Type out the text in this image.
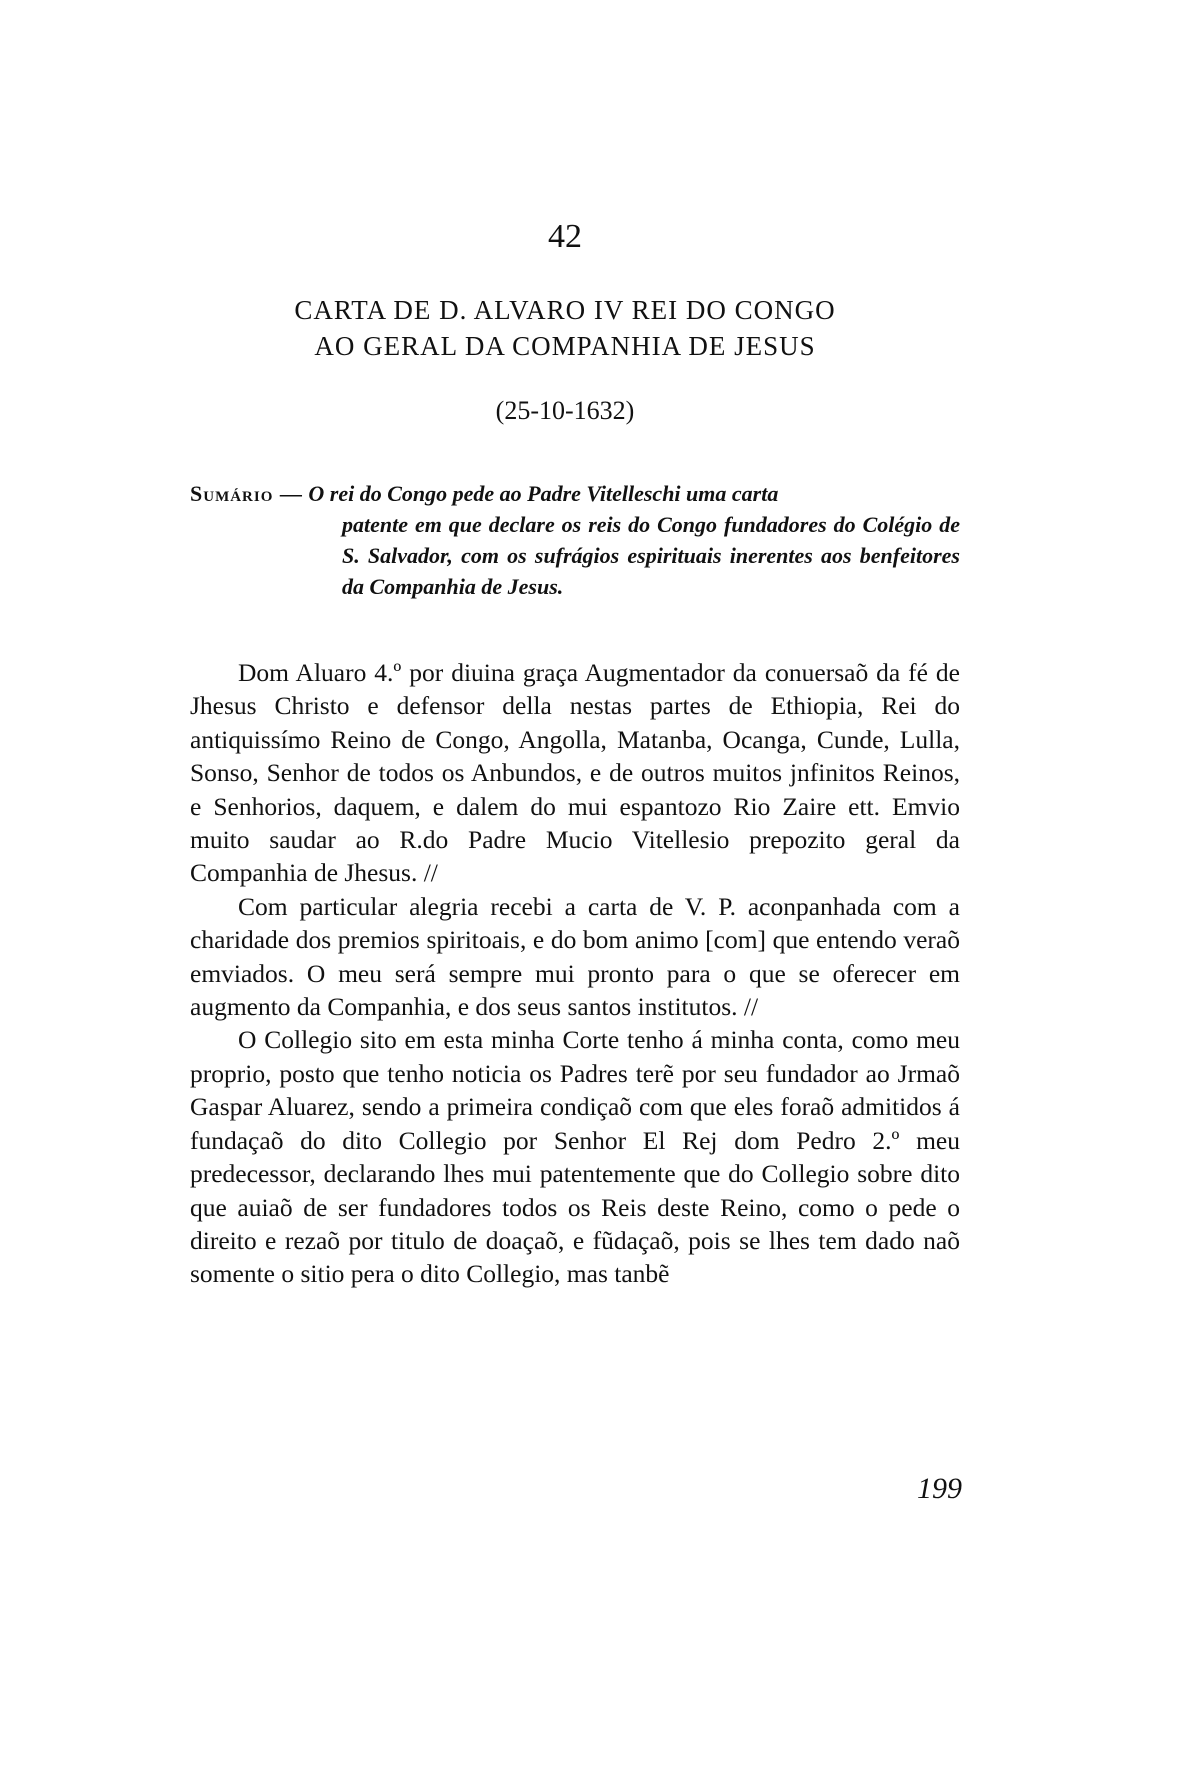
42
CARTA DE D. ALVARO IV REI DO CONGO
AO GERAL DA COMPANHIA DE JESUS
(25-10-1632)
Sumário — O rei do Congo pede ao Padre Vitelleschi uma carta
patente em que declare os reis do Congo fundadores do Colégio de S. Salvador, com os sufrágios espirituais inerentes aos benfeitores da Companhia de Jesus.

Dom Aluaro 4.º por diuina graça Augmentador da conuersaõ da fé de Jhesus Christo e defensor della nestas partes de Ethiopia, Rei do antiquissímo Reino de Congo, Angolla, Matanba, Ocanga, Cunde, Lulla, Sonso, Senhor de todos os Anbundos, e de outros muitos jnfinitos Reinos, e Senhorios, daquem, e dalem do mui espantozo Rio Zaire ett. Emvio muito saudar ao R.do Padre Mucio Vitellesio prepozito geral da Companhia de Jhesus. //

Com particular alegria recebi a carta de V. P. aconpanhada com a charidade dos premios spiritoais, e do bom animo [com] que entendo veraõ emviados. O meu será sempre mui pronto para o que se oferecer em augmento da Companhia, e dos seus santos institutos. //

O Collegio sito em esta minha Corte tenho á minha conta, como meu proprio, posto que tenho noticia os Padres terẽ por seu fundador ao Jrmaõ Gaspar Aluarez, sendo a primeira condiçaõ com que eles foraõ admitidos á fundaçaõ do dito Collegio por Senhor El Rej dom Pedro 2.º meu predecessor, declarando lhes mui patentemente que do Collegio sobre dito que auiaõ de ser fundadores todos os Reis deste Reino, como o pede o direito e rezaõ por titulo de doaçaõ, e fũdaçaõ, pois se lhes tem dado naõ somente o sitio pera o dito Collegio, mas tanbẽ

199
